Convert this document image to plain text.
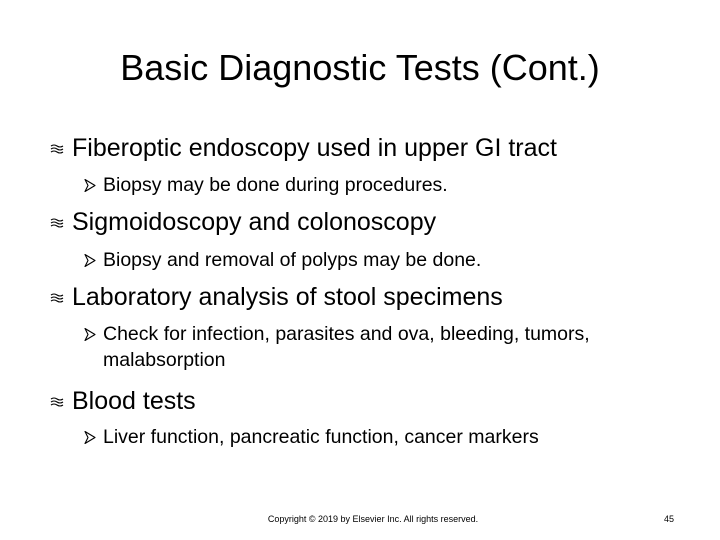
Basic Diagnostic Tests (Cont.)
Fiberoptic endoscopy used in upper GI tract
Biopsy may be done during procedures.
Sigmoidoscopy and colonoscopy
Biopsy and removal of polyps may be done.
Laboratory analysis of stool specimens
Check for infection, parasites and ova, bleeding, tumors, malabsorption
Blood tests
Liver function, pancreatic function, cancer markers
Copyright © 2019 by Elsevier Inc. All rights reserved.	45
